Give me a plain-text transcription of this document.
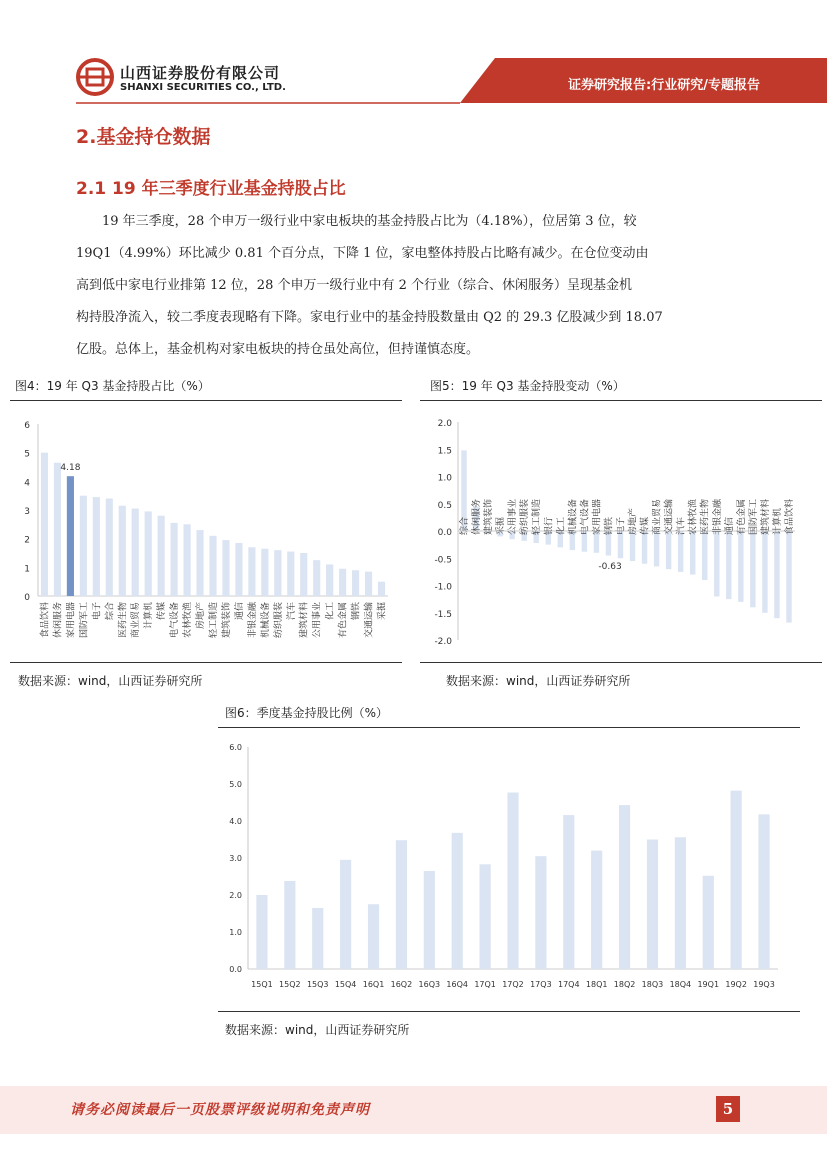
山西证券股份有限公司
SHANXI SECURITIES CO., LTD.	证券研究报告:行业研究/专题报告
2.基金持仓数据
2.1 19 年三季度行业基金持股占比
19 年三季度，28 个申万一级行业中家电板块的基金持股占比为（4.18%），位居第 3 位，较
19Q1（4.99%）环比减少 0.81 个百分点，下降 1 位，家电整体持股占比略有减少。在仓位变动由
高到低中家电行业排第 12 位，28 个申万一级行业中有 2 个行业（综合、休闲服务）呈现基金机
构持股净流入，较二季度表现略有下降。家电行业中的基金持股数量由 Q2 的 29.3 亿股减少到 18.07
亿股。总体上，基金机构对家电板块的持仓虽处高位，但持谨慎态度。
图4：19 年 Q3 基金持股占比（%）
0
1
2
3
4
5
6
食品饮料 休闲服务 家用电器
4.18
国防军工 电子 综合 医药生物 商业贸易 计算机 传媒 电气设备 农林牧渔 房地产 轻工制造 建筑装饰 通信 非银金融 机械设备 纺织服装 汽车 建筑材料 公用事业 化工 有色金属 钢铁 交通运输 采掘
数据来源：wind，山西证券研究所
图5：19 年 Q3 基金持股变动（%）
2.0
1.5
1.0
0.5
0.0
-0.5
-1.0
-1.5
-2.0
综合 休闲服务 建筑装饰 采掘 公用事业 纺织服装 轻工制造 银行 化工 机械设备 电气设备 家用电器 钢铁 电子 房地产 传媒 商业贸易 交通运输 汽车 农林牧渔 医药生物 非银金融 通信 有色金属 国防军工 建筑材料 计算机 食品饮料
-0.63
数据来源：wind，山西证券研究所
图6：季度基金持股比例（%）
0.0
1.0
2.0
3.0
4.0
5.0
6.0
15Q1 15Q2 15Q3 15Q4 16Q1 16Q2 16Q3 16Q4 17Q1 17Q2 17Q3 17Q4 18Q1 18Q2 18Q3 18Q4 19Q1 19Q2 19Q3
数据来源：wind，山西证券研究所
请务必阅读最后一页股票评级说明和免责声明	5
